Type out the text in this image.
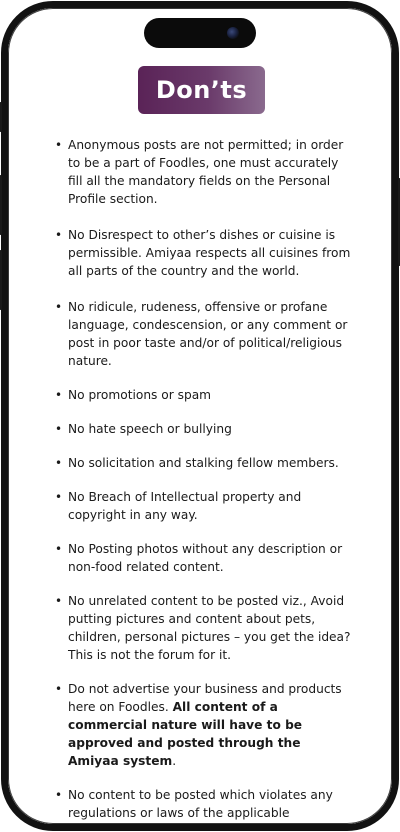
Don’ts
• Anonymous posts are not permitted; in order to be a part of Foodles, one must accurately fill all the mandatory fields on the Personal Profile section.
• No Disrespect to other’s dishes or cuisine is permissible. Amiyaa respects all cuisines from all parts of the country and the world.
• No ridicule, rudeness, offensive or profane language, condescension, or any comment or post in poor taste and/or of political/religious nature.
• No promotions or spam
• No hate speech or bullying
• No solicitation and stalking fellow members.
• No Breach of Intellectual property and copyright in any way.
• No Posting photos without any description or non-food related content.
• No unrelated content to be posted viz., Avoid putting pictures and content about pets, children, personal pictures – you get the idea? This is not the forum for it.
• Do not advertise your business and products here on Foodles. All content of a commercial nature will have to be approved and posted through the Amiyaa system.
• No content to be posted which violates any regulations or laws of the applicable region/country.
